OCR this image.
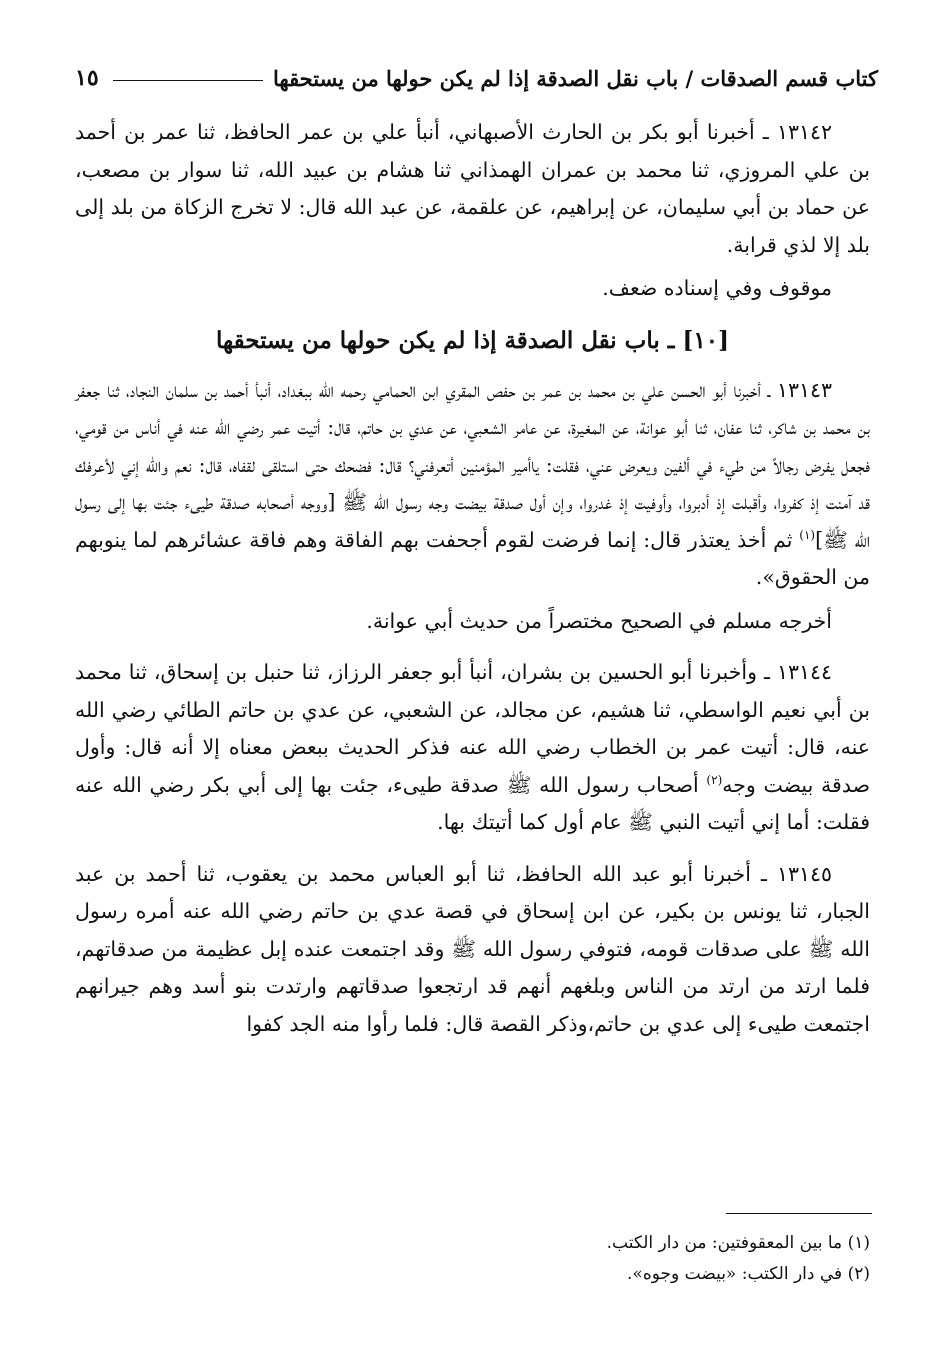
كتاب قسم الصدقات / باب نقل الصدقة إذا لم يكن حولها من يستحقها
١٥

١٣١٤٢ ـ أخبرنا أبو بكر بن الحارث الأصبهاني، أنبأ علي بن عمر الحافظ، ثنا عمر بن أحمد بن علي المروزي، ثنا محمد بن عمران الهمذاني ثنا هشام بن عبيد الله، ثنا سوار بن مصعب، عن حماد بن أبي سليمان، عن إبراهيم، عن علقمة، عن عبد الله قال: لا تخرج الزكاة من بلد إلى بلد إلا لذي قرابة.

موقوف وفي إسناده ضعف.

[١٠] ـ باب نقل الصدقة إذا لم يكن حولها من يستحقها

١٣١٤٣ ـ أخبرنا أبو الحسن علي بن محمد بن عمر بن حفص المقري ابن الحمامي رحمه الله ببغداد، أنبأ أحمد بن سلمان النجاد، ثنا جعفر بن محمد بن شاكر، ثنا عفان، ثنا أبو عوانة، عن المغيرة، عن عامر الشعبي، عن عدي بن حاتم، قال: أتيت عمر رضي الله عنه في أناس من قومي، فجعل يفرض رجالاً من طيء في ألفين ويعرض عني، فقلت: ياأمير المؤمنين أتعرفني؟ قال: فضحك حتى استلقى لقفاه، قال: نعم والله إني لأعرفك قد آمنت إذ كفروا، وأقبلت إذ أدبروا، وأوفيت إذ غدروا، وإن أول صدقة بيضت وجه رسول الله ﷺ [ووجه أصحابه صدقة طيىء جئت بها إلى رسول الله ﷺ]$^{(١)}$ ثم أخذ يعتذر قال: إنما فرضت لقوم أجحفت بهم الفاقة وهم فاقة عشائرهم لما ينوبهم من الحقوق».

أخرجه مسلم في الصحيح مختصراً من حديث أبي عوانة.

١٣١٤٤ ـ وأخبرنا أبو الحسين بن بشران، أنبأ أبو جعفر الرزاز، ثنا حنبل بن إسحاق، ثنا محمد بن أبي نعيم الواسطي، ثنا هشيم، عن مجالد، عن الشعبي، عن عدي بن حاتم الطائي رضي الله عنه، قال: أتيت عمر بن الخطاب رضي الله عنه فذكر الحديث ببعض معناه إلا أنه قال: وأول صدقة بيضت وجه$^{(٢)}$ أصحاب رسول الله ﷺ صدقة طيىء، جئت بها إلى أبي بكر رضي الله عنه فقلت: أما إني أتيت النبي ﷺ عام أول كما أتيتك بها.

١٣١٤٥ ـ أخبرنا أبو عبد الله الحافظ، ثنا أبو العباس محمد بن يعقوب، ثنا أحمد بن عبد الجبار، ثنا يونس بن بكير، عن ابن إسحاق في قصة عدي بن حاتم رضي الله عنه أمره رسول الله ﷺ على صدقات قومه، فتوفي رسول الله ﷺ وقد اجتمعت عنده إبل عظيمة من صدقاتهم، فلما ارتد من ارتد من الناس وبلغهم أنهم قد ارتجعوا صدقاتهم وارتدت بنو أسد وهم جيرانهم اجتمعت طيىء إلى عدي بن حاتم،وذكر القصة قال: فلما رأوا منه الجد كفوا

(١) ما بين المعقوفتين: من دار الكتب.
(٢) في دار الكتب: «بيضت وجوه».
